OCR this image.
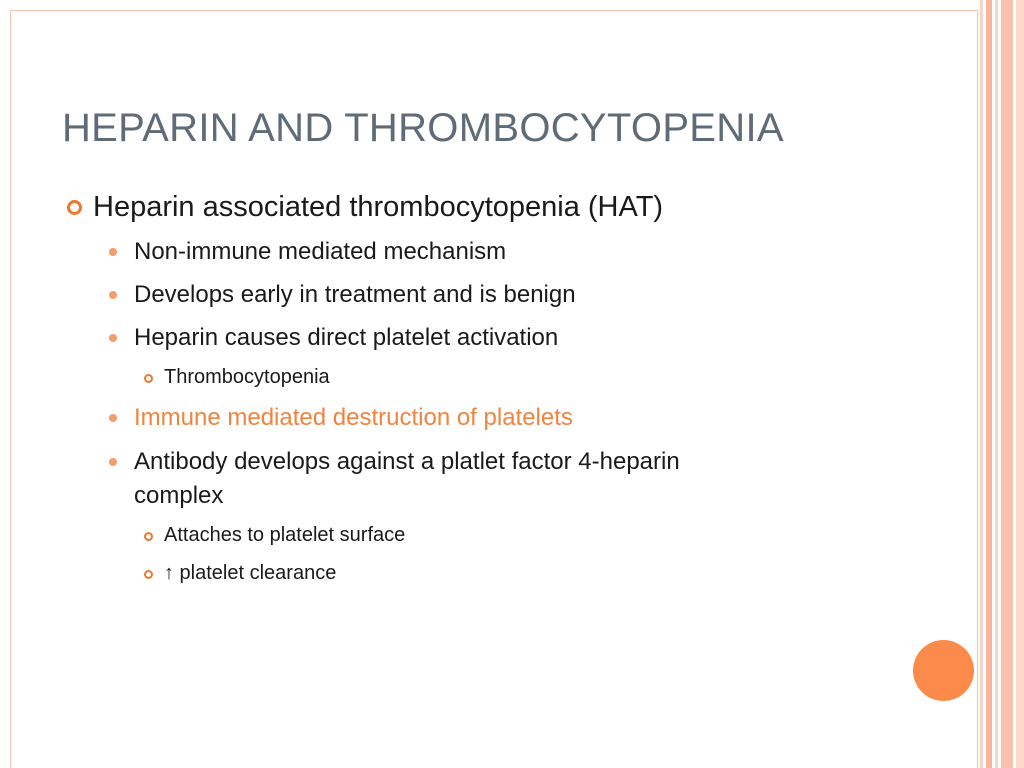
HEPARIN AND THROMBOCYTOPENIA
Heparin associated thrombocytopenia (HAT)
Non-immune mediated mechanism
Develops early in treatment and is benign
Heparin causes direct platelet activation
Thrombocytopenia
Immune mediated destruction of platelets
Antibody develops against a platlet factor 4-heparin
complex
Attaches to platelet surface
↑ platelet clearance
